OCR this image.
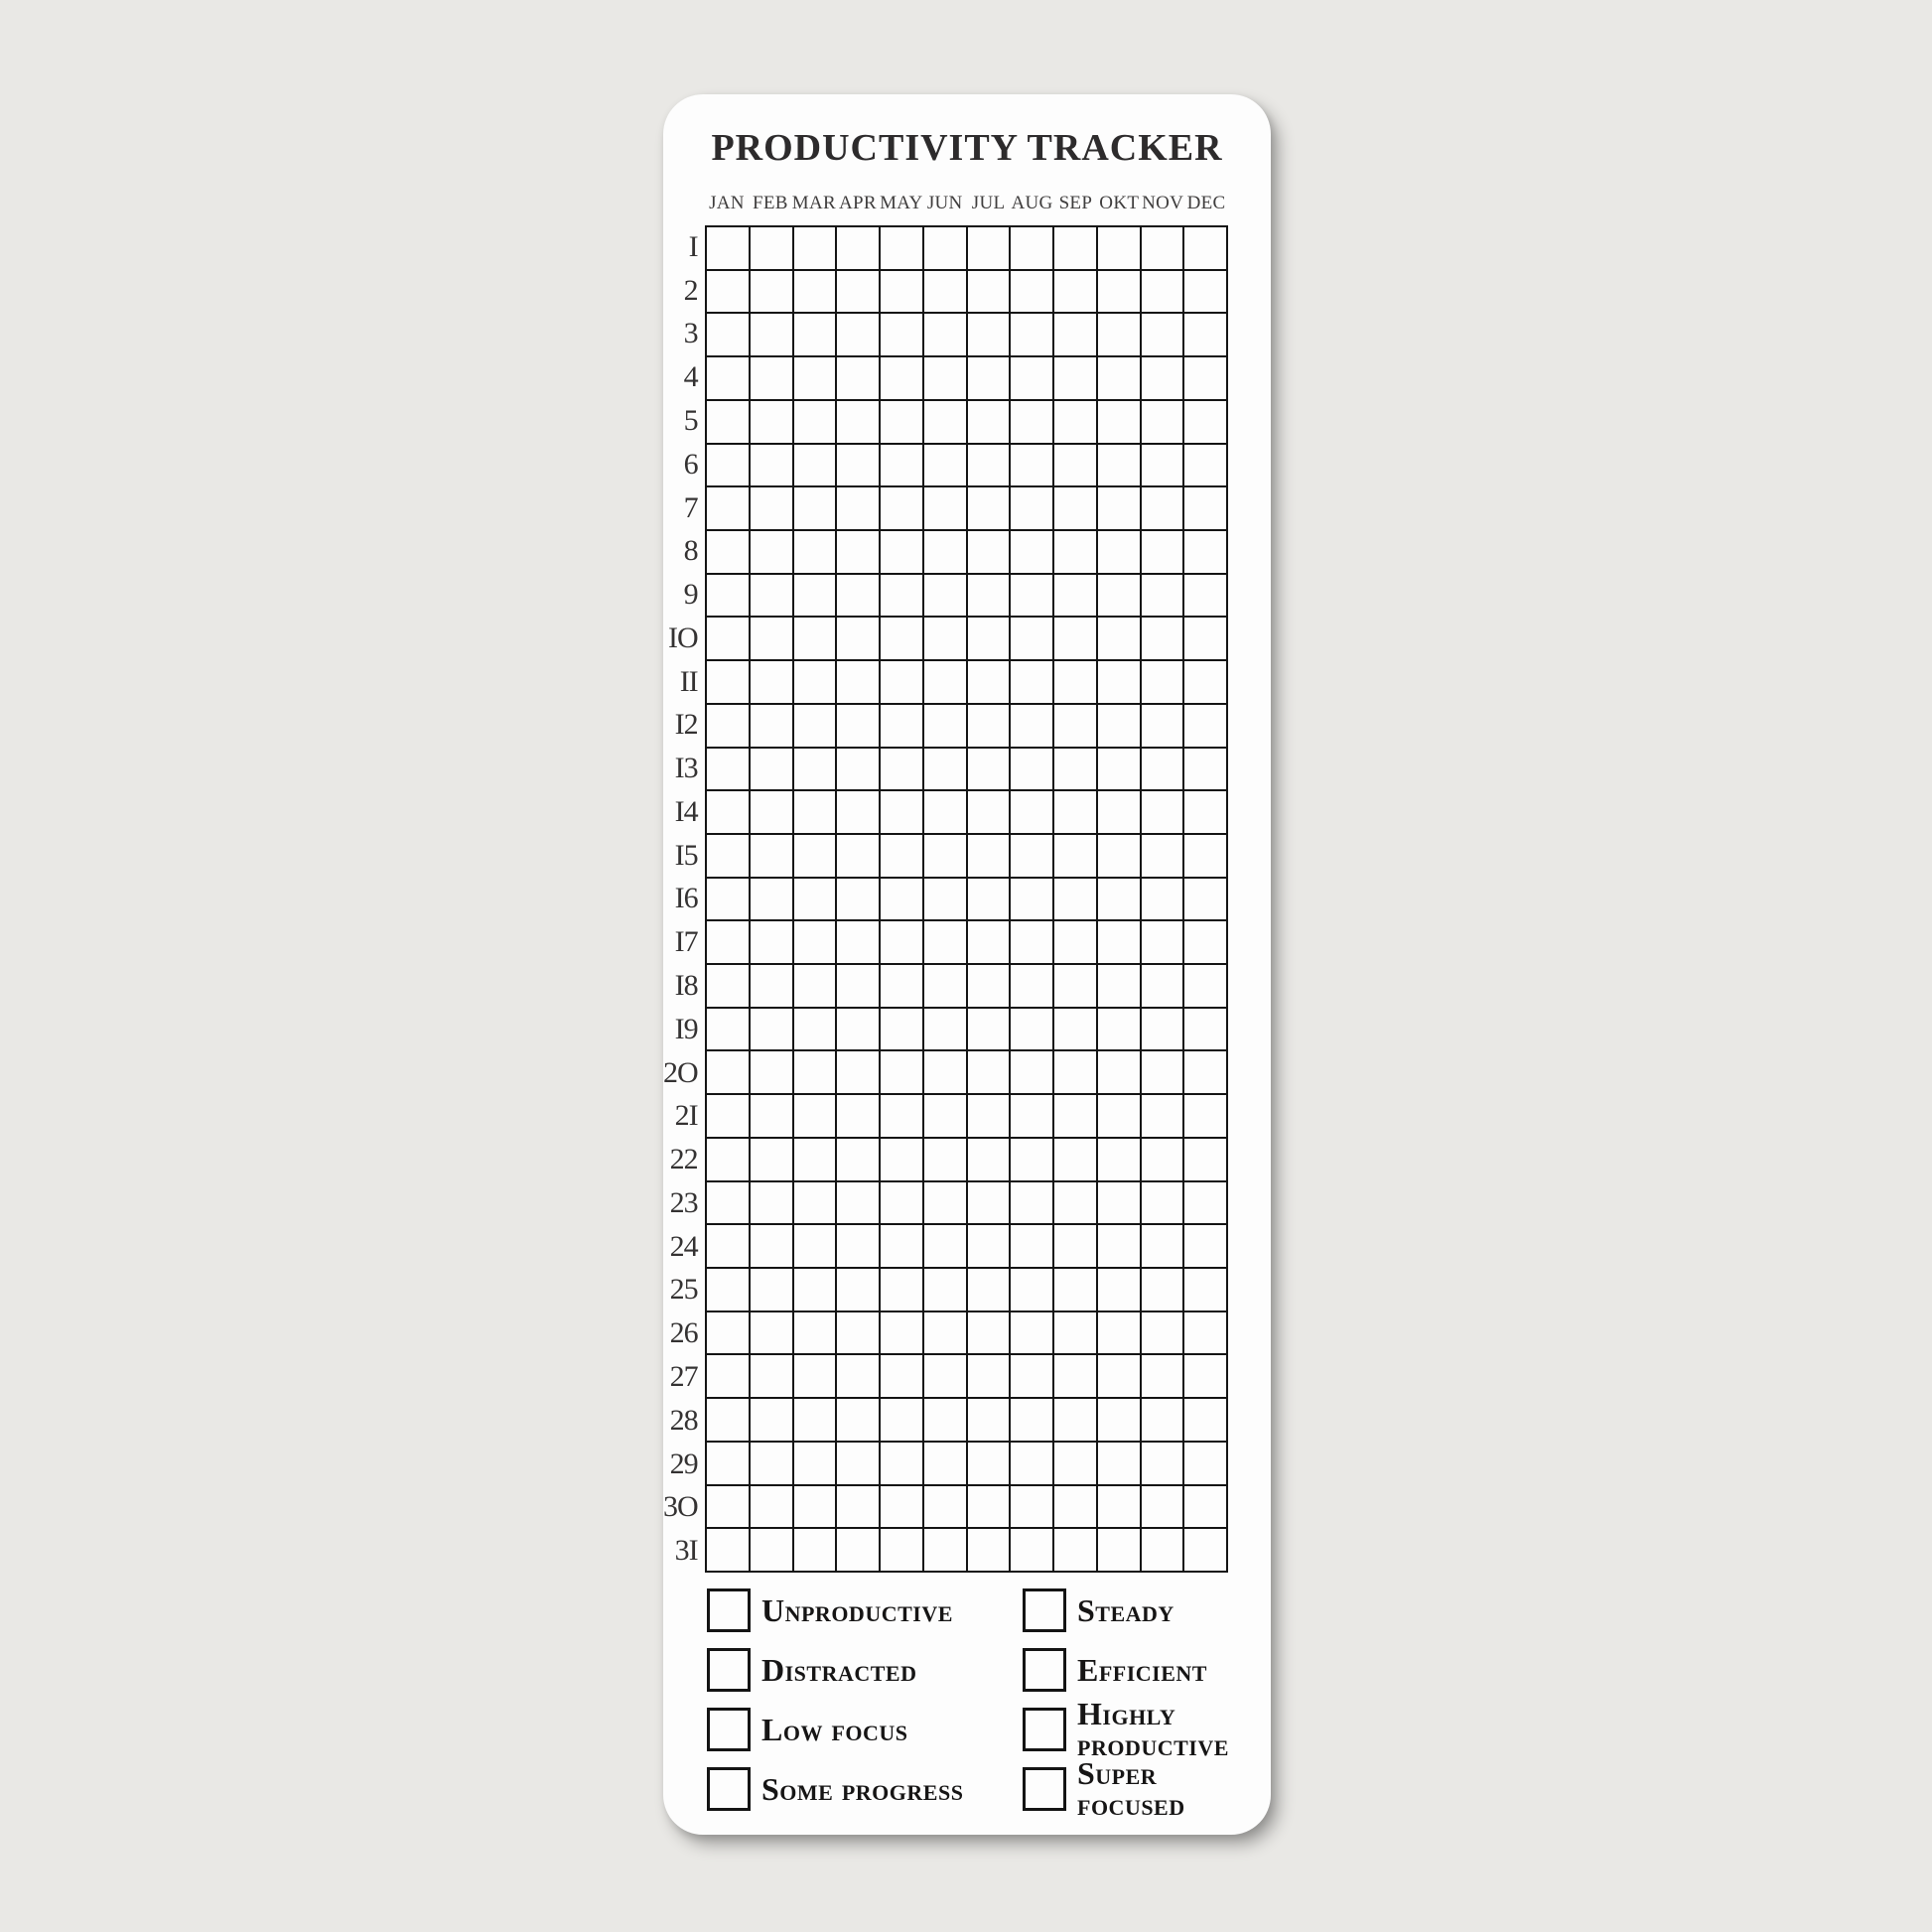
PRODUCTIVITY TRACKER
JAN FEB MAR APR MAY JUN JUL AUG SEP OKT NOV DEC
I
2
3
4
5
6
7
8
9
IO
II
I2
I3
I4
I5
I6
I7
I8
I9
2O
2I
22
23
24
25
26
27
28
29
3O
3I
Unproductive
Distracted
Low focus
Some progress
Steady
Efficient
Highly productive
Super focused
